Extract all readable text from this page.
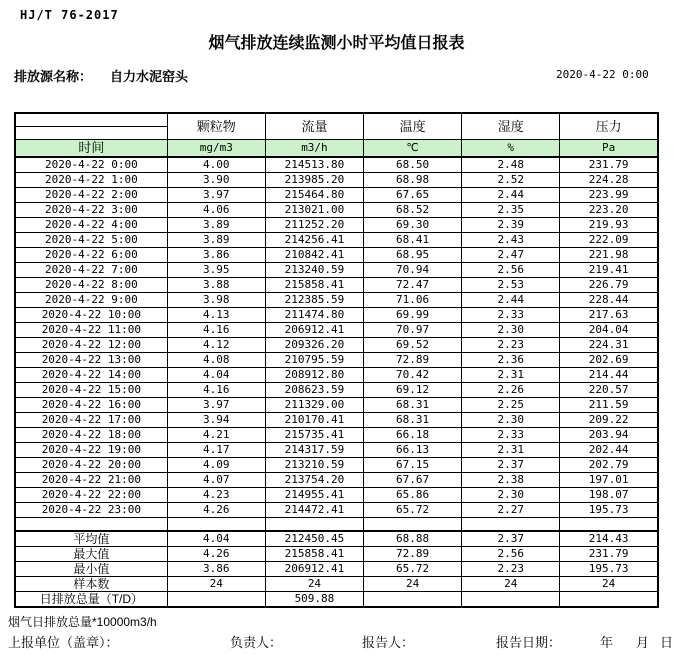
HJ/T 76-2017
烟气排放连续监测小时平均值日报表
排放源名称： 自力水泥窑头	2020-4-22 0:00
	颗粒物	流量	温度	湿度	压力

时间	mg/m3	m3/h	℃	%	Pa
2020-4-22 0:00	4.00	214513.80	68.50	2.48	231.79
2020-4-22 1:00	3.90	213985.20	68.98	2.52	224.28
2020-4-22 2:00	3.97	215464.80	67.65	2.44	223.99
2020-4-22 3:00	4.06	213021.00	68.52	2.35	223.20
2020-4-22 4:00	3.89	211252.20	69.30	2.39	219.93
2020-4-22 5:00	3.89	214256.41	68.41	2.43	222.09
2020-4-22 6:00	3.86	210842.41	68.95	2.47	221.98
2020-4-22 7:00	3.95	213240.59	70.94	2.56	219.41
2020-4-22 8:00	3.88	215858.41	72.47	2.53	226.79
2020-4-22 9:00	3.98	212385.59	71.06	2.44	228.44
2020-4-22 10:00	4.13	211474.80	69.99	2.33	217.63
2020-4-22 11:00	4.16	206912.41	70.97	2.30	204.04
2020-4-22 12:00	4.12	209326.20	69.52	2.23	224.31
2020-4-22 13:00	4.08	210795.59	72.89	2.36	202.69
2020-4-22 14:00	4.04	208912.80	70.42	2.31	214.44
2020-4-22 15:00	4.16	208623.59	69.12	2.26	220.57
2020-4-22 16:00	3.97	211329.00	68.31	2.25	211.59
2020-4-22 17:00	3.94	210170.41	68.31	2.30	209.22
2020-4-22 18:00	4.21	215735.41	66.18	2.33	203.94
2020-4-22 19:00	4.17	214317.59	66.13	2.31	202.44
2020-4-22 20:00	4.09	213210.59	67.15	2.37	202.79
2020-4-22 21:00	4.07	213754.20	67.67	2.38	197.01
2020-4-22 22:00	4.23	214955.41	65.86	2.30	198.07
2020-4-22 23:00	4.26	214472.41	65.72	2.27	195.73

平均值	4.04	212450.45	68.88	2.37	214.43
最大值	4.26	215858.41	72.89	2.56	231.79
最小值	3.86	206912.41	65.72	2.23	195.73
样本数	24	24	24	24	24
日排放总量（T/D）		509.88			
烟气日排放总量*10000m3/h
上报单位（盖章）：	负责人：	报告人：	报告日期：	年 月 日
